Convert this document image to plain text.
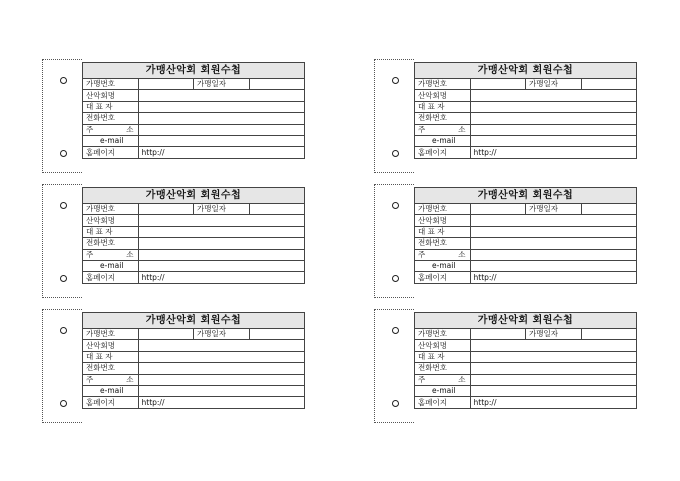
가맹산악회 회원수첩			
가맹번호		가맹일자	
산악회명			
대 표 자			
전화번호			
주 소			
e-mail			
홈페이지	http://		
가맹산악회 회원수첩			
가맹번호		가맹일자	
산악회명			
대 표 자			
전화번호			
주 소			
e-mail			
홈페이지	http://		
가맹산악회 회원수첩			
가맹번호		가맹일자	
산악회명			
대 표 자			
전화번호			
주 소			
e-mail			
홈페이지	http://		
가맹산악회 회원수첩			
가맹번호		가맹일자	
산악회명			
대 표 자			
전화번호			
주 소			
e-mail			
홈페이지	http://		
가맹산악회 회원수첩			
가맹번호		가맹일자	
산악회명			
대 표 자			
전화번호			
주 소			
e-mail			
홈페이지	http://		
가맹산악회 회원수첩			
가맹번호		가맹일자	
산악회명			
대 표 자			
전화번호			
주 소			
e-mail			
홈페이지	http://		
